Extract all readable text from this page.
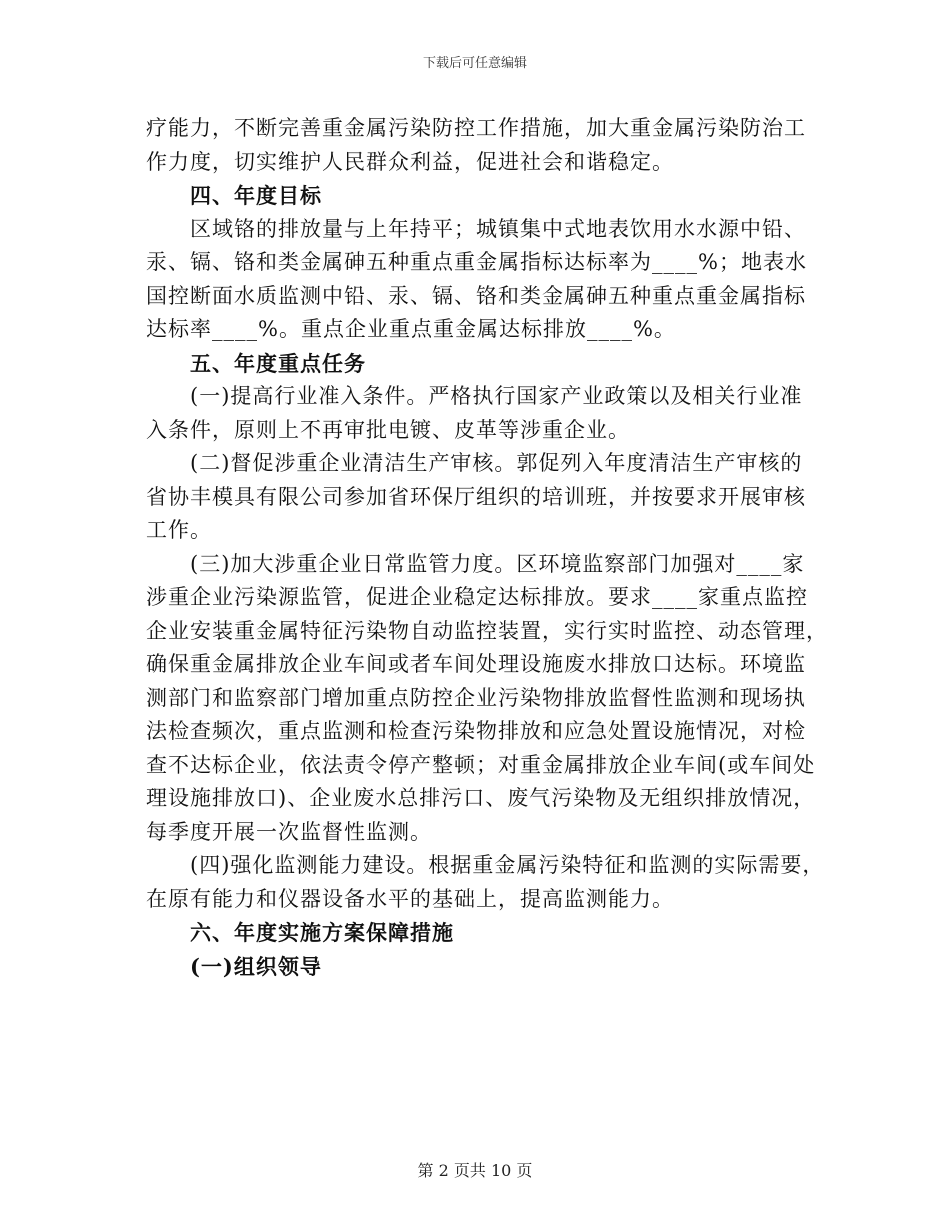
下载后可任意编辑
疗能力，不断完善重金属污染防控工作措施，加大重金属污染防治工
作力度，切实维护人民群众利益，促进社会和谐稳定。
四、年度目标
区域铬的排放量与上年持平；城镇集中式地表饮用水水源中铅、
汞、镉、铬和类金属砷五种重点重金属指标达标率为____%；地表水
国控断面水质监测中铅、汞、镉、铬和类金属砷五种重点重金属指标
达标率____%。重点企业重点重金属达标排放____%。
五、年度重点任务
(一)提高行业准入条件。严格执行国家产业政策以及相关行业准
入条件，原则上不再审批电镀、皮革等涉重企业。
(二)督促涉重企业清洁生产审核。郭促列入年度清洁生产审核的
省协丰模具有限公司参加省环保厅组织的培训班，并按要求开展审核
工作。
(三)加大涉重企业日常监管力度。区环境监察部门加强对____家
涉重企业污染源监管，促进企业稳定达标排放。要求____家重点监控
企业安装重金属特征污染物自动监控装置，实行实时监控、动态管理，
确保重金属排放企业车间或者车间处理设施废水排放口达标。环境监
测部门和监察部门增加重点防控企业污染物排放监督性监测和现场执
法检查频次，重点监测和检查污染物排放和应急处置设施情况，对检
查不达标企业，依法责令停产整顿；对重金属排放企业车间(或车间处
理设施排放口)、企业废水总排污口、废气污染物及无组织排放情况，
每季度开展一次监督性监测。
(四)强化监测能力建设。根据重金属污染特征和监测的实际需要，
在原有能力和仪器设备水平的基础上，提高监测能力。
六、年度实施方案保障措施
(一)组织领导
第 2 页共 10 页
